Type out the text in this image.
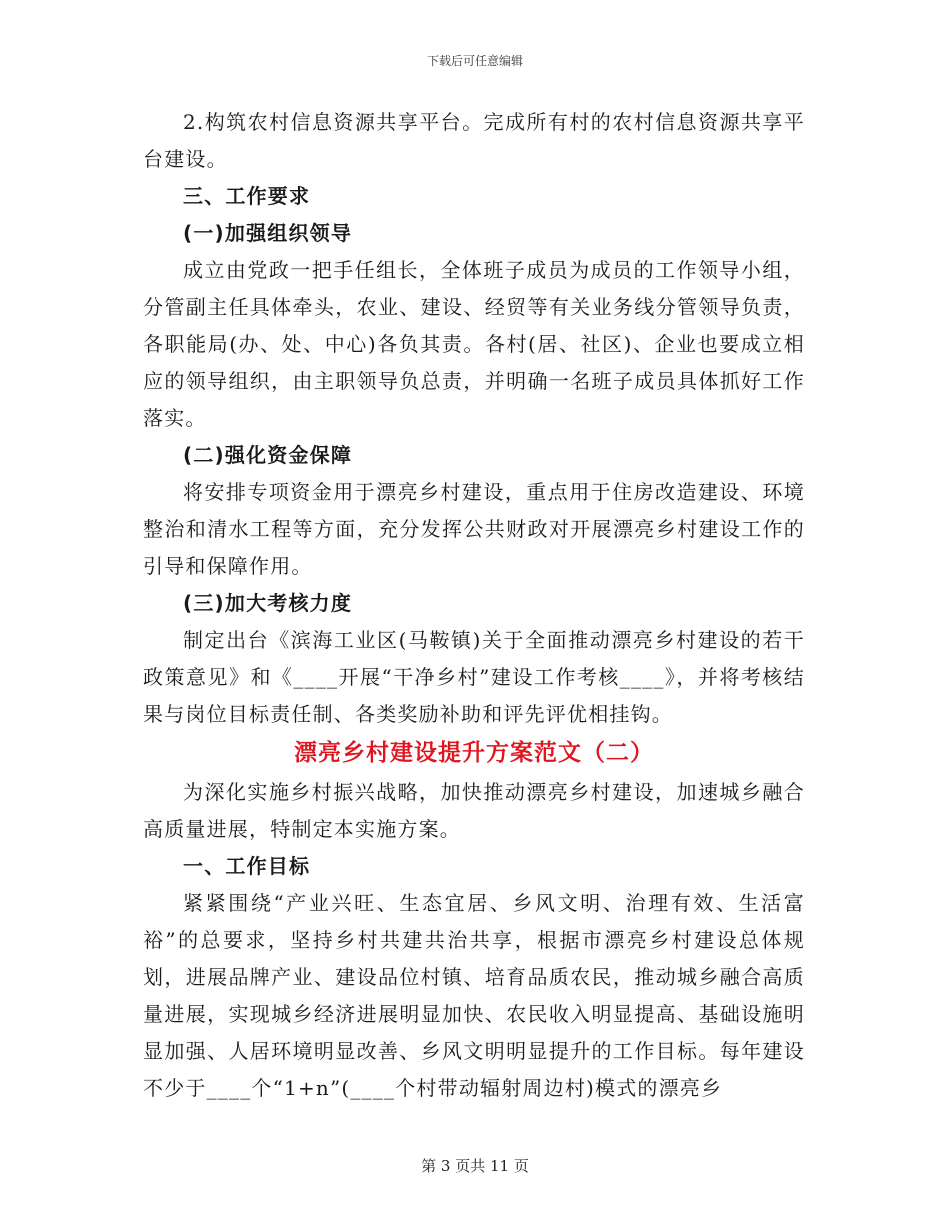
下载后可任意编辑

2.构筑农村信息资源共享平台。完成所有村的农村信息资源共享平台建设。

三、工作要求

(一)加强组织领导

成立由党政一把手任组长，全体班子成员为成员的工作领导小组，分管副主任具体牵头，农业、建设、经贸等有关业务线分管领导负责，各职能局(办、处、中心)各负其责。各村(居、社区)、企业也要成立相应的领导组织，由主职领导负总责，并明确一名班子成员具体抓好工作落实。

(二)强化资金保障

将安排专项资金用于漂亮乡村建设，重点用于住房改造建设、环境整治和清水工程等方面，充分发挥公共财政对开展漂亮乡村建设工作的引导和保障作用。

(三)加大考核力度

制定出台《滨海工业区(马鞍镇)关于全面推动漂亮乡村建设的若干政策意见》和《____开展“干净乡村”建设工作考核____》，并将考核结果与岗位目标责任制、各类奖励补助和评先评优相挂钩。

漂亮乡村建设提升方案范文（二）

为深化实施乡村振兴战略，加快推动漂亮乡村建设，加速城乡融合高质量进展，特制定本实施方案。

一、工作目标

紧紧围绕“产业兴旺、生态宜居、乡风文明、治理有效、生活富裕”的总要求，坚持乡村共建共治共享，根据市漂亮乡村建设总体规划，进展品牌产业、建设品位村镇、培育品质农民，推动城乡融合高质量进展，实现城乡经济进展明显加快、农民收入明显提高、基础设施明显加强、人居环境明显改善、乡风文明明显提升的工作目标。每年建设不少于____个“1+n”(____个村带动辐射周边村)模式的漂亮乡

第 3 页共 11 页
